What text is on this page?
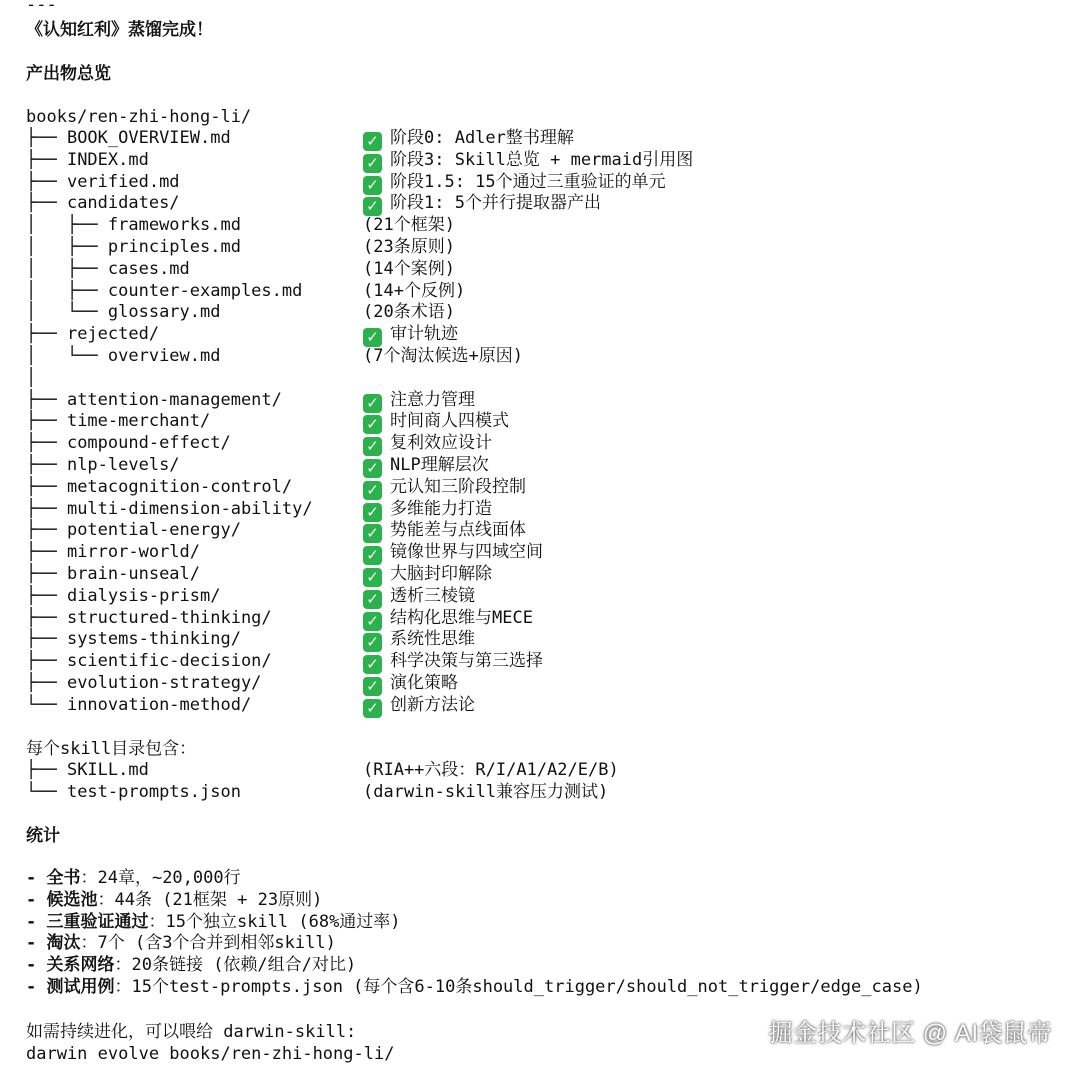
---
《认知红利》蒸馏完成！
产出物总览
books/ren-zhi-hong-li/
├── BOOK_OVERVIEW.md	✓ 阶段0: Adler整书理解
├── INDEX.md	✓ 阶段3: Skill总览 + mermaid引用图
├── verified.md	✓ 阶段1.5: 15个通过三重验证的单元
├── candidates/	✓ 阶段1: 5个并行提取器产出
│   ├── frameworks.md	(21个框架)
│   ├── principles.md	(23条原则)
│   ├── cases.md	(14个案例)
│   ├── counter-examples.md	(14+个反例)
│   └── glossary.md	(20条术语)
├── rejected/	✓ 审计轨迹
│   └── overview.md	(7个淘汰候选+原因)
│
├── attention-management/	✓ 注意力管理
├── time-merchant/	✓ 时间商人四模式
├── compound-effect/	✓ 复利效应设计
├── nlp-levels/	✓ NLP理解层次
├── metacognition-control/	✓ 元认知三阶段控制
├── multi-dimension-ability/	✓ 多维能力打造
├── potential-energy/	✓ 势能差与点线面体
├── mirror-world/	✓ 镜像世界与四域空间
├── brain-unseal/	✓ 大脑封印解除
├── dialysis-prism/	✓ 透析三棱镜
├── structured-thinking/	✓ 结构化思维与MECE
├── systems-thinking/	✓ 系统性思维
├── scientific-decision/	✓ 科学决策与第三选择
├── evolution-strategy/	✓ 演化策略
└── innovation-method/	✓ 创新方法论
每个skill目录包含：
├── SKILL.md	(RIA++六段：R/I/A1/A2/E/B)
└── test-prompts.json	(darwin-skill兼容压力测试)
统计
- 全书：24章，~20,000行
- 候选池：44条 (21框架 + 23原则)
- 三重验证通过：15个独立skill (68%通过率)
- 淘汰：7个 (含3个合并到相邻skill)
- 关系网络：20条链接 (依赖/组合/对比)
- 测试用例：15个test-prompts.json (每个含6-10条should_trigger/should_not_trigger/edge_case)
如需持续进化，可以喂给 darwin-skill:
darwin evolve books/ren-zhi-hong-li/
掘金技术社区 @ AI袋鼠帝
